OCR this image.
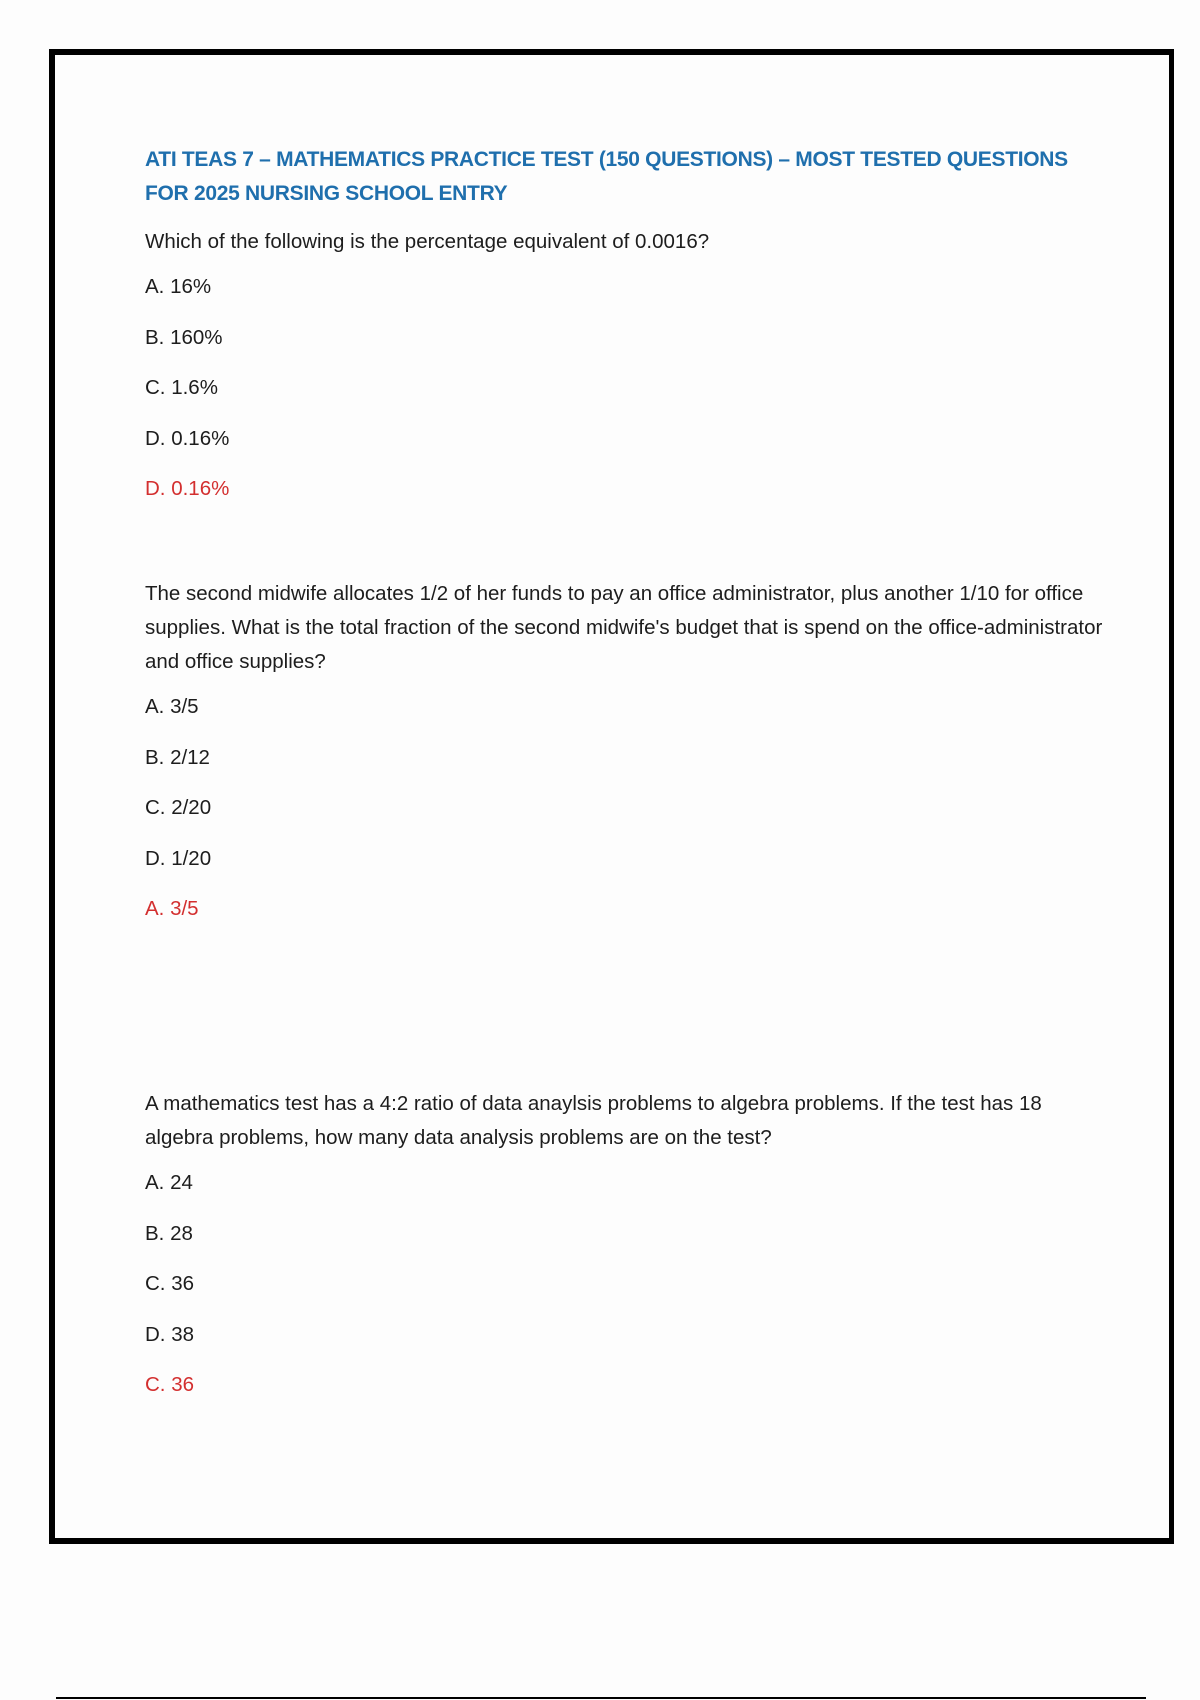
ATI TEAS 7 – MATHEMATICS PRACTICE TEST (150 QUESTIONS) – MOST TESTED QUESTIONS FOR 2025 NURSING SCHOOL ENTRY

Which of the following is the percentage equivalent of 0.0016?

A. 16%

B. 160%

C. 1.6%

D. 0.16%

D. 0.16%

The second midwife allocates 1/2 of her funds to pay an office administrator, plus another 1/10 for office supplies. What is the total fraction of the second midwife's budget that is spend on the office-administrator and office supplies?

A. 3/5

B. 2/12

C. 2/20

D. 1/20

A. 3/5

A mathematics test has a 4:2 ratio of data anaylsis problems to algebra problems. If the test has 18 algebra problems, how many data analysis problems are on the test?

A. 24

B. 28

C. 36

D. 38

C. 36
